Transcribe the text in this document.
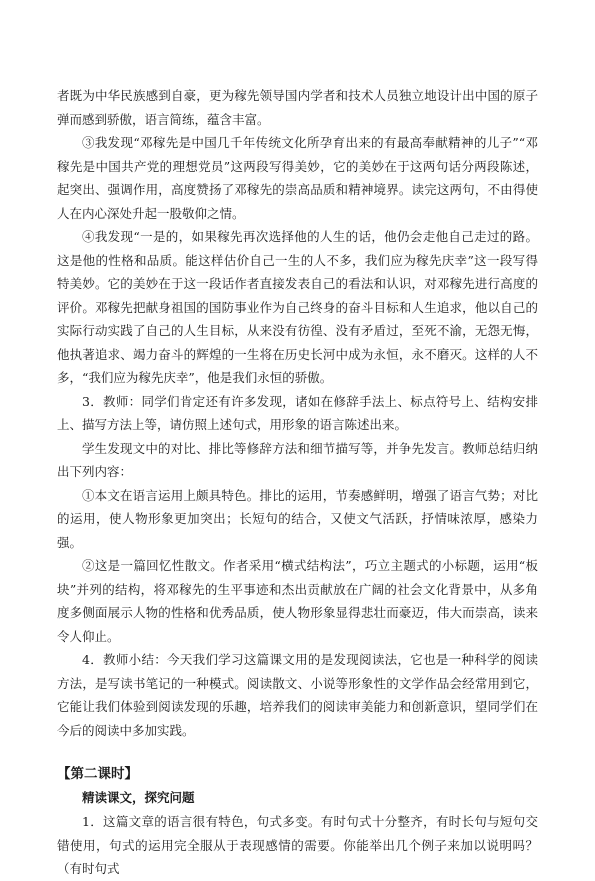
者既为中华民族感到自豪，更为稼先领导国内学者和技术人员独立地设计出中国的原子弹而感到骄傲，语言简练，蕴含丰富。

③我发现“邓稼先是中国几千年传统文化所孕育出来的有最高奉献精神的儿子”“邓稼先是中国共产党的理想党员”这两段写得美妙，它的美妙在于这两句话分两段陈述，起突出、强调作用，高度赞扬了邓稼先的崇高品质和精神境界。读完这两句，不由得使人在内心深处升起一股敬仰之情。

④我发现“一是的，如果稼先再次选择他的人生的话，他仍会走他自己走过的路。这是他的性格和品质。能这样估价自己一生的人不多，我们应为稼先庆幸”这一段写得特美妙。它的美妙在于这一段话作者直接发表自己的看法和认识，对邓稼先进行高度的评价。邓稼先把献身祖国的国防事业作为自己终身的奋斗目标和人生追求，他以自己的实际行动实践了自己的人生目标，从来没有彷徨、没有矛盾过，至死不渝，无怨无悔，他执著追求、竭力奋斗的辉煌的一生将在历史长河中成为永恒，永不磨灭。这样的人不多，“我们应为稼先庆幸”，他是我们永恒的骄傲。

3．教师：同学们肯定还有许多发现，诸如在修辞手法上、标点符号上、结构安排上、描写方法上等，请仿照上述句式，用形象的语言陈述出来。

学生发现文中的对比、排比等修辞方法和细节描写等，并争先发言。教师总结归纳出下列内容：

①本文在语言运用上颇具特色。排比的运用，节奏感鲜明，增强了语言气势；对比的运用，使人物形象更加突出；长短句的结合，又使文气活跃，抒情味浓厚，感染力强。

②这是一篇回忆性散文。作者采用“横式结构法”，巧立主题式的小标题，运用“板块”并列的结构，将邓稼先的生平事迹和杰出贡献放在广阔的社会文化背景中，从多角度多侧面展示人物的性格和优秀品质，使人物形象显得悲壮而豪迈，伟大而崇高，读来令人仰止。

4．教师小结：今天我们学习这篇课文用的是发现阅读法，它也是一种科学的阅读方法，是写读书笔记的一种模式。阅读散文、小说等形象性的文学作品会经常用到它，它能让我们体验到阅读发现的乐趣，培养我们的阅读审美能力和创新意识，望同学们在今后的阅读中多加实践。

【第二课时】

精读课文，探究问题

1．这篇文章的语言很有特色，句式多变。有时句式十分整齐，有时长句与短句交错使用，句式的运用完全服从于表现感情的需要。你能举出几个例子来加以说明吗？（有时句式
